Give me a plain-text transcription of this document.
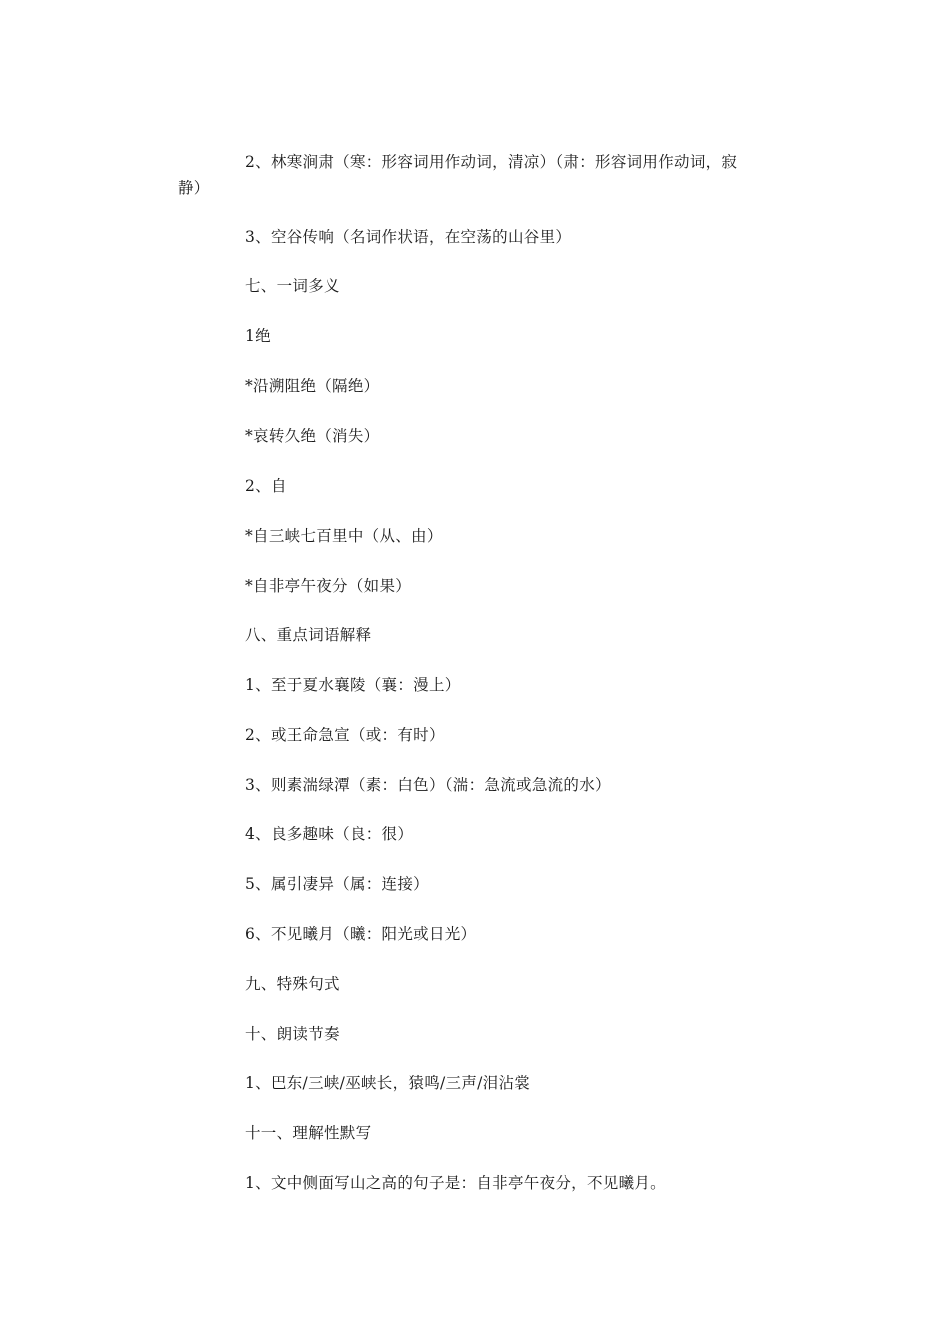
2、林寒涧肃（寒：形容词用作动词，清凉）（肃：形容词用作动词，寂
静）
3、空谷传响（名词作状语，在空荡的山谷里）
七、一词多义
1绝
*沿溯阻绝（隔绝）
*哀转久绝（消失）
2、自
*自三峡七百里中（从、由）
*自非亭午夜分（如果）
八、重点词语解释
1、至于夏水襄陵（襄：漫上）
2、或王命急宣（或：有时）
3、则素湍绿潭（素：白色）（湍：急流或急流的水）
4、良多趣味（良：很）
5、属引凄异（属：连接）
6、不见曦月（曦：阳光或日光）
九、特殊句式
十、朗读节奏
1、巴东/三峡/巫峡长，猿鸣/三声/泪沾裳
十一、理解性默写
1、文中侧面写山之高的句子是：自非亭午夜分，不见曦月。
